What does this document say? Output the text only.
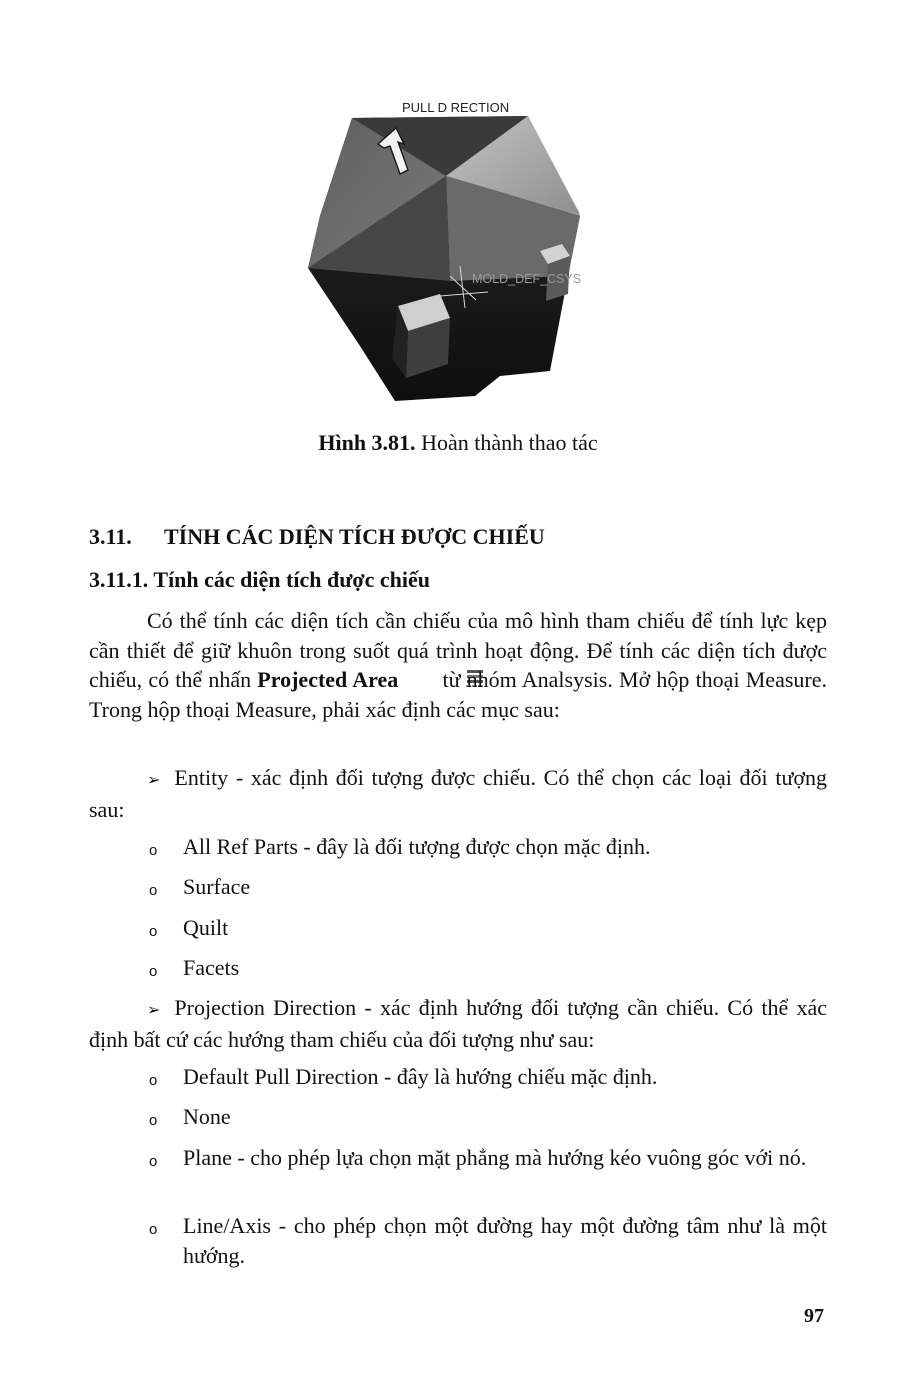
PULL D RECTION
MOLD_DEF_CSYS
Hình 3.81. Hoàn thành thao tác
3.11. TÍNH CÁC DIỆN TÍCH ĐƯỢC CHIẾU
3.11.1. Tính các diện tích được chiếu
Có thể tính các diện tích cần chiếu của mô hình tham chiếu để tính lực kẹp cần thiết để giữ khuôn trong suốt quá trình hoạt động. Để tính các diện tích được chiếu, có thể nhấn Projected Area từ nhóm Analsysis. Mở hộp thoại Measure. Trong hộp thoại Measure, phải xác định các mục sau:
➢ Entity - xác định đối tượng được chiếu. Có thể chọn các loại đối tượng sau:
o All Ref Parts - đây là đối tượng được chọn mặc định.
o Surface
o Quilt
o Facets
➢ Projection Direction - xác định hướng đối tượng cần chiếu. Có thể xác định bất cứ các hướng tham chiếu của đối tượng như sau:
o Default Pull Direction - đây là hướng chiếu mặc định.
o None
o Plane - cho phép lựa chọn mặt phẳng mà hướng kéo vuông góc với nó.
o Line/Axis - cho phép chọn một đường hay một đường tâm như là một hướng.
97
